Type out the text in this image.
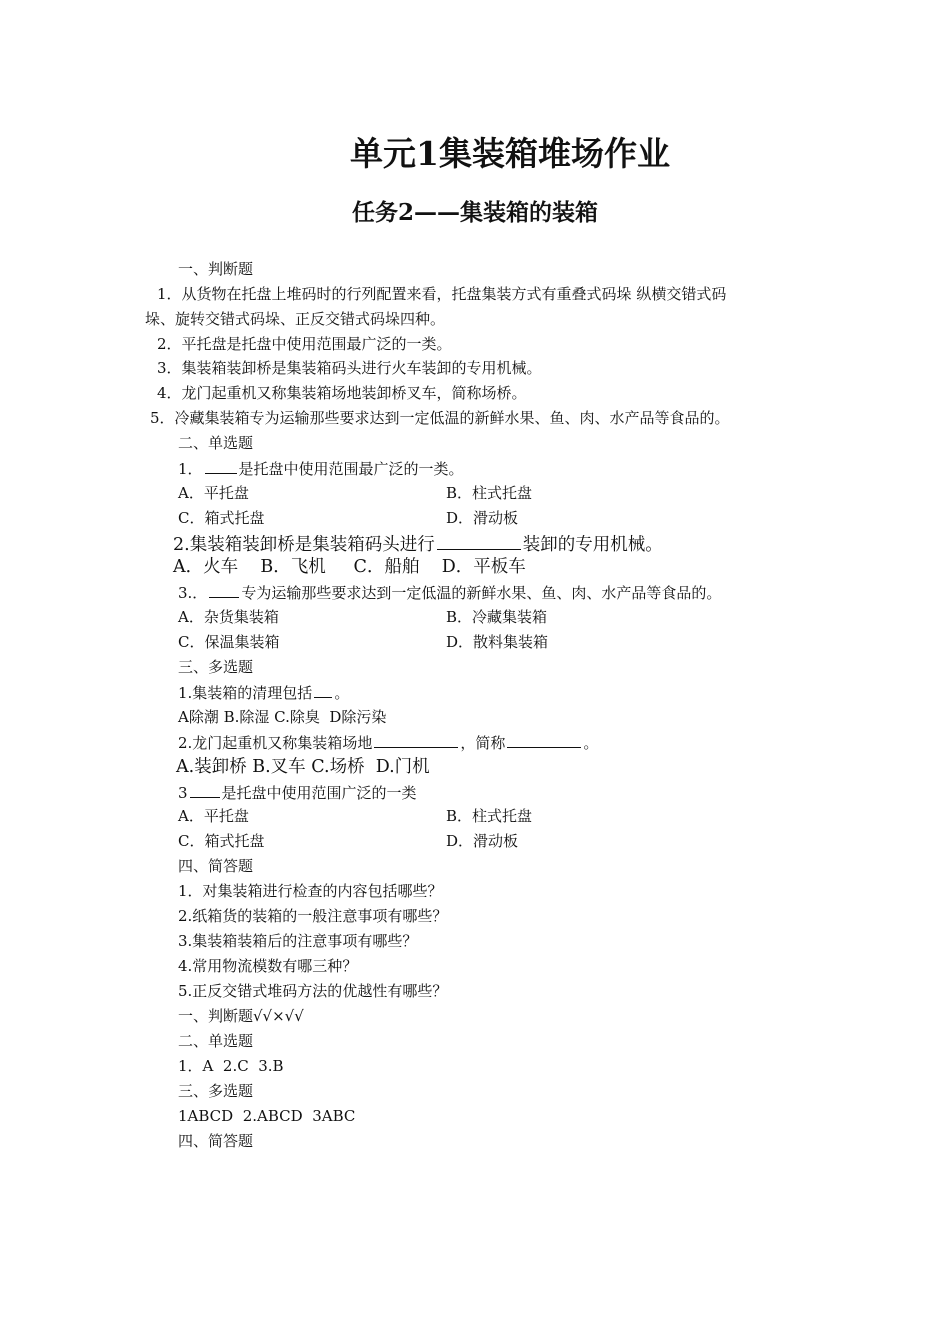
单元1集装箱堆场作业
任务2——集装箱的装箱
一、判断题
1．从货物在托盘上堆码时的行列配置来看，托盘集装方式有重叠式码垛 纵横交错式码
垛、旋转交错式码垛、正反交错式码垛四种。
2．平托盘是托盘中使用范围最广泛的一类。
3．集装箱装卸桥是集装箱码头进行火车装卸的专用机械。
4．龙门起重机又称集装箱场地装卸桥叉车，简称场桥。
5．冷藏集装箱专为运输那些要求达到一定低温的新鲜水果、鱼、肉、水产品等食品的。
二、单选题
1． 是托盘中使用范围最广泛的一类。
A．平托盘	B．柱式托盘
C．箱式托盘	D．滑动板
2.集装箱装卸桥是集装箱码头进行	装卸的专用机械。
A．火车    B．飞机     C．船舶    D．平板车
3.． 专为运输那些要求达到一定低温的新鲜水果、鱼、肉、水产品等食品的。
A．杂货集装箱	B．冷藏集装箱
C．保温集装箱	D．散料集装箱
三、多选题
1.集装箱的清理包括 。
A除潮 B.除湿 C.除臭  D除污染
2.龙门起重机又称集装箱场地	，简称	。
A.装卸桥 B.叉车 C.场桥  D.门机
3 是托盘中使用范围广泛的一类
A．平托盘	B．柱式托盘
C．箱式托盘	D．滑动板
四、简答题
1．对集装箱进行检查的内容包括哪些？
2.纸箱货的装箱的一般注意事项有哪些？
3.集装箱装箱后的注意事项有哪些？
4.常用物流模数有哪三种？
5.正反交错式堆码方法的优越性有哪些？
一、判断题√√×√√
二、单选题
1．A  2.C  3.B
三、多选题
1ABCD  2.ABCD  3ABC
四、简答题
